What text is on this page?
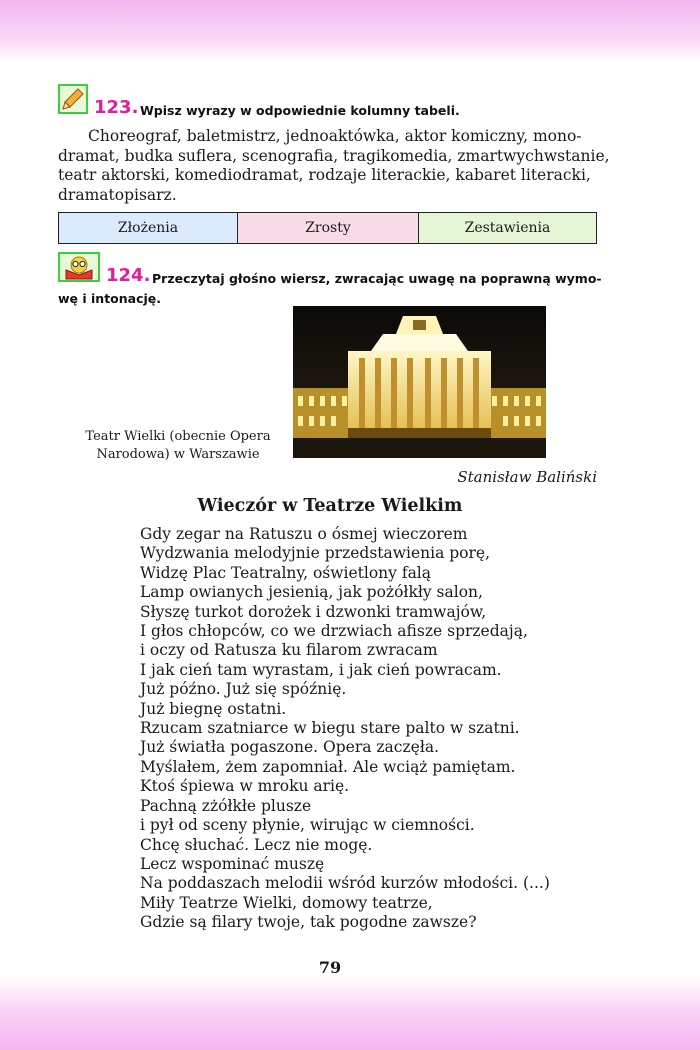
123. Wpisz wyrazy w odpowiednie kolumny tabeli.
Choreograf, baletmistrz, jednoaktówka, aktor komiczny, mono-
dramat, budka suflera, scenografia, tragikomedia, zmartwychwstanie,
teatr aktorski, komediodramat, rodzaje literackie, kabaret literacki,
dramatopisarz.
Złożenia	Zrosty	Zestawienia
124. Przeczytaj głośno wiersz, zwracając uwagę na poprawną wymo-
wę i intonację.
Teatr Wielki (obecnie Opera
Narodowa) w Warszawie
Stanisław Baliński
Wieczór w Teatrze Wielkim
Gdy zegar na Ratuszu o ósmej wieczorem
Wydzwania melodyjnie przedstawienia porę,
Widzę Plac Teatralny, oświetlony falą
Lamp owianych jesienią, jak pożółkły salon,
Słyszę turkot dorożek i dzwonki tramwajów,
I głos chłopców, co we drzwiach afisze sprzedają,
i oczy od Ratusza ku filarom zwracam
I jak cień tam wyrastam, i jak cień powracam.
Już późno. Już się spóźnię.
Już biegnę ostatni.
Rzucam szatniarce w biegu stare palto w szatni.
Już światła pogaszone. Opera zaczęła.
Myślałem, żem zapomniał. Ale wciąż pamiętam.
Ktoś śpiewa w mroku arię.
Pachną zżółkłe plusze
i pył od sceny płynie, wirując w ciemności.
Chcę słuchać. Lecz nie mogę.
Lecz wspominać muszę
Na poddaszach melodii wśród kurzów młodości. (...)
Miły Teatrze Wielki, domowy teatrze,
Gdzie są filary twoje, tak pogodne zawsze?
79
